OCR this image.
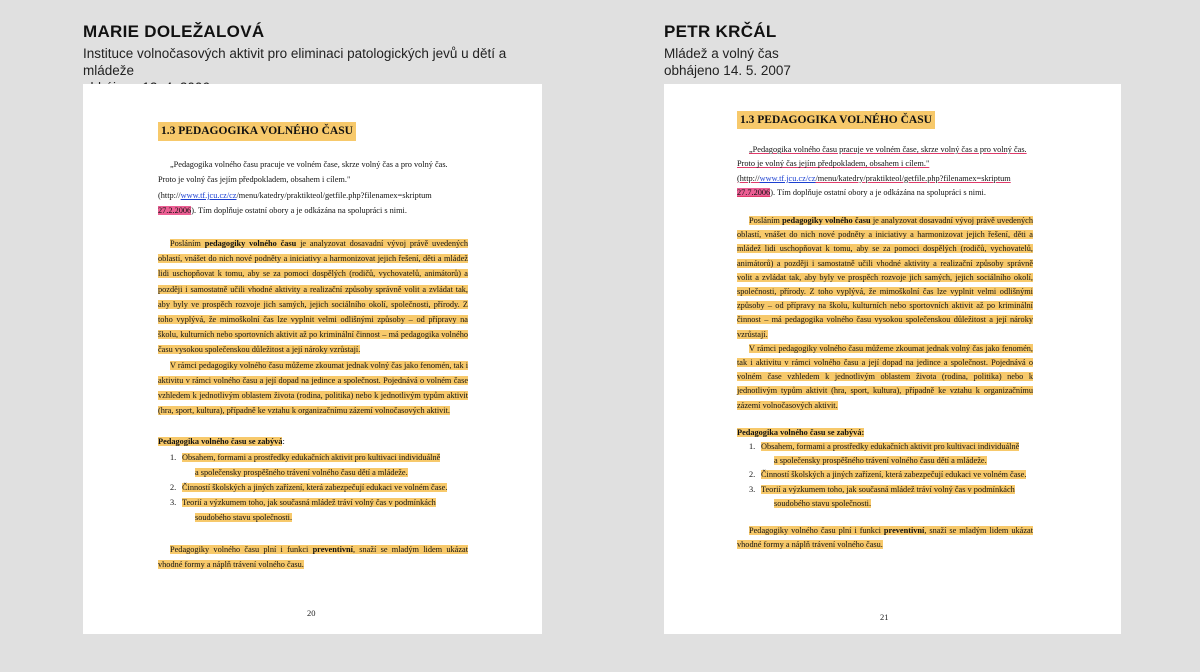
MARIE DOLEŽALOVÁ
Instituce volnočasových aktivit pro eliminaci patologických jevů u dětí a mládeže
1.3 PEDAGOGIKA VOLNÉHO ČASU
„Pedagogika volného času pracuje ve volném čase, skrze volný čas a pro volný čas.
Proto je volný čas jejím předpokladem, obsahem i cílem."
(http://www.tf.jcu.cz/cz/menu/katedry/praktikteol/getfile.php?filenamex=skriptum
27.2.2006). Tím doplňuje ostatní obory a je odkázána na spolupráci s nimi.
Posláním pedagogiky volného času je analyzovat dosavadní vývoj právě uvedených oblastí, vnášet do nich nové podněty a iniciativy a harmonizovat jejich řešení, děti a mládež lidi uschopňovat k tomu, aby se za pomoci dospělých (rodičů, vychovatelů, animátorů) a později i samostatně učili vhodné aktivity a realizační způsoby správně volit a zvládat tak, aby byly ve prospěch rozvoje jich samých, jejich sociálního okolí, společnosti, přírody. Z toho vyplývá, že mimoškolní čas lze vyplnit velmi odlišnými způsoby – od přípravy na školu, kulturních nebo sportovních aktivit až po kriminální činnost – má pedagogika volného času vysokou společenskou důležitost a její nároky vzrůstají.
V rámci pedagogiky volného času můžeme zkoumat jednak volný čas jako fenomén, tak i aktivitu v rámci volného času a její dopad na jedince a společnost. Pojednává o volném čase vzhledem k jednotlivým oblastem života (rodina, politika) nebo k jednotlivým typům aktivit (hra, sport, kultura), případně ke vztahu k organizačnímu zázemí volnočasových aktivit.
Pedagogika volného času se zabývá:
1. Obsahem, formami a prostředky edukačních aktivit pro kultivaci individuálně
a společensky prospěšného trávení volného času dětí a mládeže.
2. Činností školských a jiných zařízení, která zabezpečují edukaci ve volném čase.
3. Teorií a výzkumem toho, jak současná mládež tráví volný čas v podmínkách
soudobého stavu společnosti.
Pedagogiky volného času plní i funkci preventivní, snaží se mladým lidem ukázat vhodné formy a náplň trávení volného času.
20
PETR KRČÁL
Mládež a volný čas
obhájeno 14. 5. 2007
1.3 PEDAGOGIKA VOLNÉHO ČASU
„Pedagogika volného času pracuje ve volném čase, skrze volný čas a pro volný čas.
Proto je volný čas jejím předpokladem, obsahem i cílem."
(http://www.tf.jcu.cz/cz/menu/katedry/praktikteol/getfile.php?filenamex=skriptum
27.7.2006). Tím doplňuje ostatní obory a je odkázána na spolupráci s nimi.
Posláním pedagogiky volného času je analyzovat dosavadní vývoj právě uvedených oblastí, vnášet do nich nové podněty a iniciativy a harmonizovat jejich řešení, děti a mládež lidi uschopňovat k tomu, aby se za pomoci dospělých (rodičů, vychovatelů, animátorů) a později i samostatně učili vhodné aktivity a realizační způsoby správně volit a zvládat tak, aby byly ve prospěch rozvoje jich samých, jejich sociálního okolí, společnosti, přírody. Z toho vyplývá, že mimoškolní čas lze vyplnit velmi odlišnými způsoby – od přípravy na školu, kulturních nebo sportovních aktivit až po kriminální činnost – má pedagogika volného času vysokou společenskou důležitost a její nároky vzrůstají.
V rámci pedagogiky volného času můžeme zkoumat jednak volný čas jako fenomén, tak i aktivitu v rámci volného času a její dopad na jedince a společnost. Pojednává o volném čase vzhledem k jednotlivým oblastem života (rodina, politika) nebo k jednotlivým typům aktivit (hra, sport, kultura), případně ke vztahu k organizačnímu zázemí volnočasových aktivit.
Pedagogika volného času se zabývá:
1. Obsahem, formami a prostředky edukačních aktivit pro kultivaci individuálně
a společensky prospěšného trávení volného času dětí a mládeže.
2. Činností školských a jiných zařízení, která zabezpečují edukaci ve volném čase.
3. Teorií a výzkumem toho, jak současná mládež tráví volný čas v podmínkách
soudobého stavu společnosti.
Pedagogiky volného času plní i funkci preventivní, snaží se mladým lidem ukázat vhodné formy a náplň trávení volného času.
21
